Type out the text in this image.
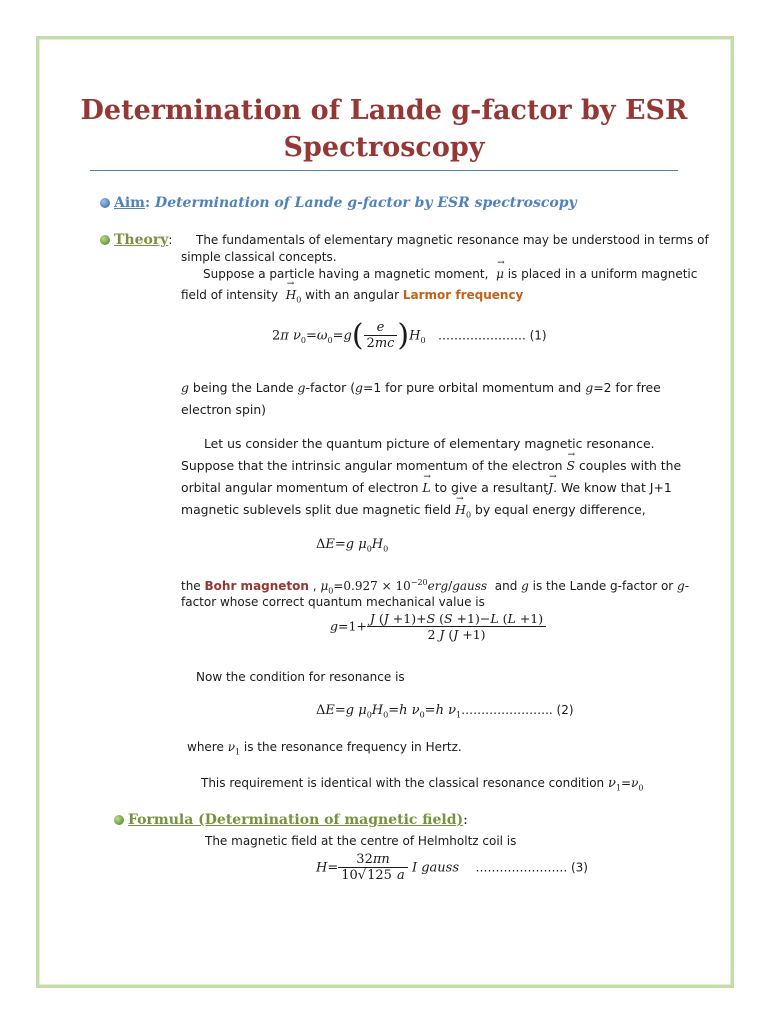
Determination of Lande g-factor by ESR Spectroscopy
Aim: Determination of Lande g-factor by ESR spectroscopy
Theory: The fundamentals of elementary magnetic resonance may be understood in terms of
simple classical concepts.
Suppose a particle having a magnetic moment, → μ is placed in a uniform magnetic
field of intensity → $H_0$ with an angular Larmor frequency
2π $\nu_0=\omega_0=g( \frac{e}{2mc} )H_0$ …………………. (1)
g being the Lande g-factor (g=1 for pure orbital momentum and g=2 for free
electron spin)
Let us consider the quantum picture of elementary magnetic resonance.
Suppose that the intrinsic angular momentum of the electron → S couples with the
orbital angular momentum of electron → L to give a resultant→ J. We know that J+1
magnetic sublevels split due magnetic field → $H_0$ by equal energy difference,
ΔE=g $\mu_0H_0$
the Bohr magneton , $\mu_0=0.927$ × $10^{-20}erg$/gauss and g is the Lande g-factor or g-
factor whose correct quantum mechanical value is
$g=1+ \frac{J (J +1)+S (S +1)-L (L +1)}{2 J (J +1)}$
Now the condition for resonance is
ΔE=g $\mu_0H_0=h$ $\nu_0=h$ $\nu_1\dots\dots\dots\dots\dots\dots\dots$.. (2)
where $\nu_1$ is the resonance frequency in Hertz.
This requirement is identical with the classical resonance condition $\nu_1=\nu_0$
Formula (Determination of magnetic field):
The magnetic field at the centre of Helmholtz coil is
$H= \frac{32\pi n}{10√125 a}$ I gauss ………………….. (3)
